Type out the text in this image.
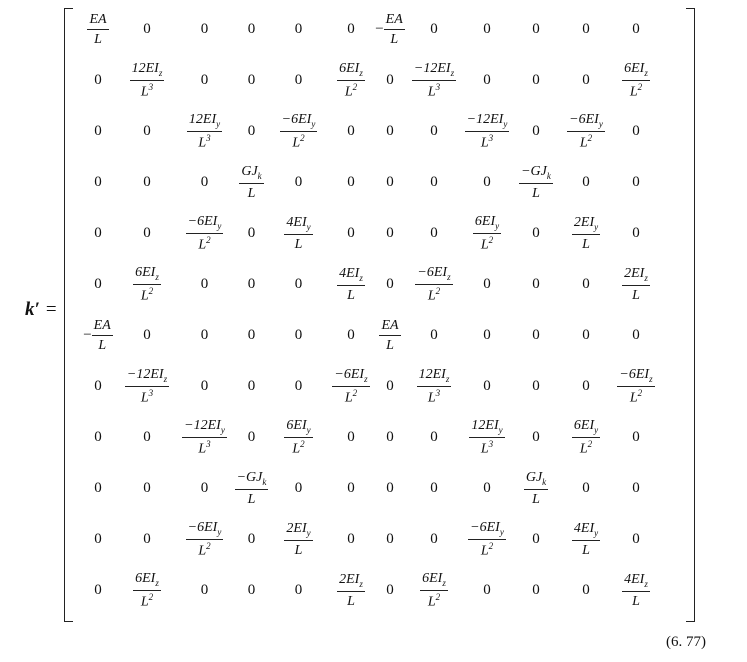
k′ =
$\frac{EA}{L}$	0	0	0	0	0	− $\frac{EA}{L}$	0	0	0	0	0
0	$\frac{12EI_z}{L^3}$	0	0	0	$\frac{6EI_z}{L^2}$	0	$\frac{-12EI_z}{L^3}$	0	0	0	$\frac{6EI_z}{L^2}$

0	0	$\frac{12EI_y}{L^3}$	0	$\frac{-6EI_y}{L^2}$	0	0	0	$\frac{-12EI_y}{L^3}$	0	$\frac{-6EI_y}{L^2}$	0
0	0	0	$\frac{GJ_k}{L}$	0	0	0	0	0	$\frac{-GJ_k}{L}$	0	0
0	0	$\frac{-6EI_y}{L^2}$	0	$\frac{4EI_y}{L}$	0	0	0	$\frac{6EI_y}{L^2}$	0	$\frac{2EI_y}{L}$	0
0	$\frac{6EI_z}{L^2}$	0	0	0	$\frac{4EI_z}{L}$	0	$\frac{-6EI_z}{L^2}$	0	0	0	$\frac{2EI_z}{L}$

− $\frac{EA}{L}$	0	0	0	0	0	$\frac{EA}{L}$	0	0	0	0	0
0	$\frac{-12EI_z}{L^3}$	0	0	0	$\frac{-6EI_z}{L^2}$	0	$\frac{12EI_z}{L^3}$	0	0	0	$\frac{-6EI_z}{L^2}$

0	0	$\frac{-12EI_y}{L^3}$	0	$\frac{6EI_y}{L^2}$	0	0	0	$\frac{12EI_y}{L^3}$	0	$\frac{6EI_y}{L^2}$	0
0	0	0	$\frac{-GJ_k}{L}$	0	0	0	0	0	$\frac{GJ_k}{L}$	0	0
0	0	$\frac{-6EI_y}{L^2}$	0	$\frac{2EI_y}{L}$	0	0	0	$\frac{-6EI_y}{L^2}$	0	$\frac{4EI_y}{L}$	0
0	$\frac{6EI_z}{L^2}$	0	0	0	$\frac{2EI_z}{L}$	0	$\frac{6EI_z}{L^2}$	0	0	0	$\frac{4EI_z}{L}$
(6. 77)
